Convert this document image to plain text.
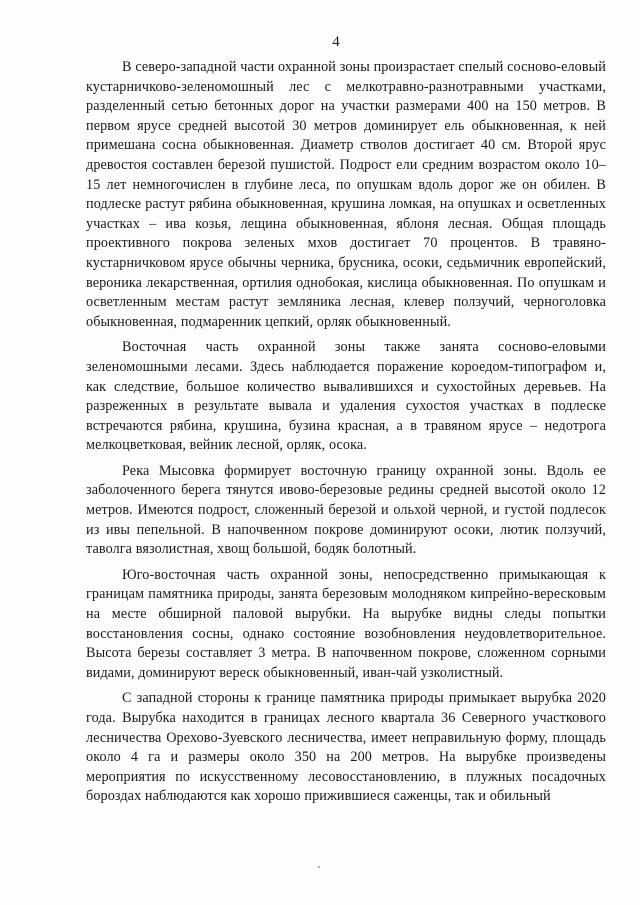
4

В северо-западной части охранной зоны произрастает спелый сосново-еловый кустарничково-зеленомошный лес с мелкотравно-разнотравными участками, разделенный сетью бетонных дорог на участки размерами 400 на 150 метров. В первом ярусе средней высотой 30 метров доминирует ель обыкновенная, к ней примешана сосна обыкновенная. Диаметр стволов достигает 40 см. Второй ярус древостоя составлен березой пушистой. Подрост ели средним возрастом около 10–15 лет немногочислен в глубине леса, по опушкам вдоль дорог же он обилен. В подлеске растут рябина обыкновенная, крушина ломкая, на опушках и осветленных участках – ива козья, лещина обыкновенная, яблоня лесная. Общая площадь проективного покрова зеленых мхов достигает 70 процентов. В травяно-кустарничковом ярусе обычны черника, брусника, осоки, седьмичник европейский, вероника лекарственная, ортилия однобокая, кислица обыкновенная. По опушкам и осветленным местам растут земляника лесная, клевер ползучий, черноголовка обыкновенная, подмаренник цепкий, орляк обыкновенный.

Восточная часть охранной зоны также занята сосново-еловыми зеленомошными лесами. Здесь наблюдается поражение короедом-типографом и, как следствие, большое количество вывалившихся и сухостойных деревьев. На разреженных в результате вывала и удаления сухостоя участках в подлеске встречаются рябина, крушина, бузина красная, а в травяном ярусе – недотрога мелкоцветковая, вейник лесной, орляк, осока.

Река Мысовка формирует восточную границу охранной зоны. Вдоль ее заболоченного берега тянутся ивово-березовые редины средней высотой около 12 метров. Имеются подрост, сложенный березой и ольхой черной, и густой подлесок из ивы пепельной. В напочвенном покрове доминируют осоки, лютик ползучий, таволга вязолистная, хвощ большой, бодяк болотный.

Юго-восточная часть охранной зоны, непосредственно примыкающая к границам памятника природы, занята березовым молодняком кипрейно-вересковым на месте обширной паловой вырубки. На вырубке видны следы попытки восстановления сосны, однако состояние возобновления неудовлетворительное. Высота березы составляет 3 метра. В напочвенном покрове, сложенном сорными видами, доминируют вереск обыкновенный, иван-чай узколистный.

С западной стороны к границе памятника природы примыкает вырубка 2020 года. Вырубка находится в границах лесного квартала 36 Северного участкового лесничества Орехово-Зуевского лесничества, имеет неправильную форму, площадь около 4 га и размеры около 350 на 200 метров. На вырубке произведены мероприятия по искусственному лесовосстановлению, в плужных посадочных бороздах наблюдаются как хорошо прижившиеся саженцы, так и обильный
